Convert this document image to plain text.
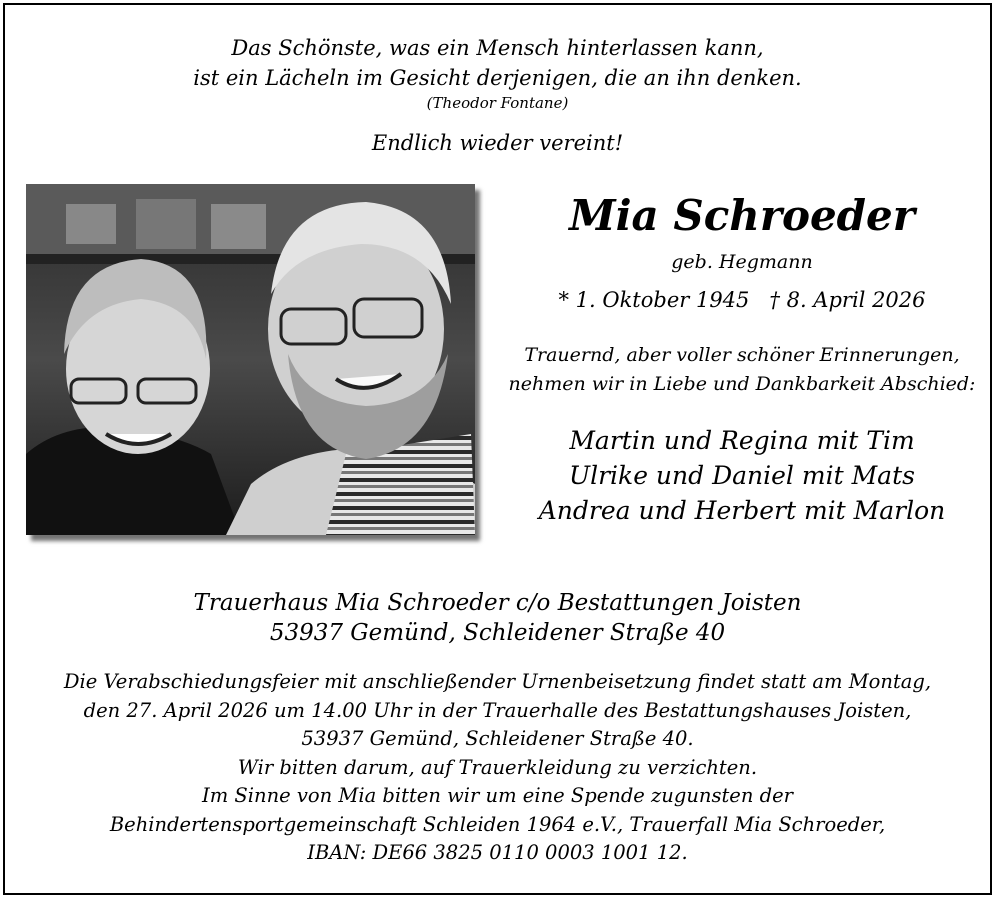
Das Schönste, was ein Mensch hinterlassen kann,
ist ein Lächeln im Gesicht derjenigen, die an ihn denken.
(Theodor Fontane)
Endlich wieder vereint!
Mia Schroeder
geb. Hegmann
* 1. Oktober 1945 † 8. April 2026
Trauernd, aber voller schöner Erinnerungen,
nehmen wir in Liebe und Dankbarkeit Abschied:
Martin und Regina mit Tim
Ulrike und Daniel mit Mats
Andrea und Herbert mit Marlon
Trauerhaus Mia Schroeder c/o Bestattungen Joisten
53937 Gemünd, Schleidener Straße 40
Die Verabschiedungsfeier mit anschließender Urnenbeisetzung findet statt am Montag,
den 27. April 2026 um 14.00 Uhr in der Trauerhalle des Bestattungshauses Joisten,
53937 Gemünd, Schleidener Straße 40.
Wir bitten darum, auf Trauerkleidung zu verzichten.
Im Sinne von Mia bitten wir um eine Spende zugunsten der
Behindertensportgemeinschaft Schleiden 1964 e.V., Trauerfall Mia Schroeder,
IBAN: DE66 3825 0110 0003 1001 12.
